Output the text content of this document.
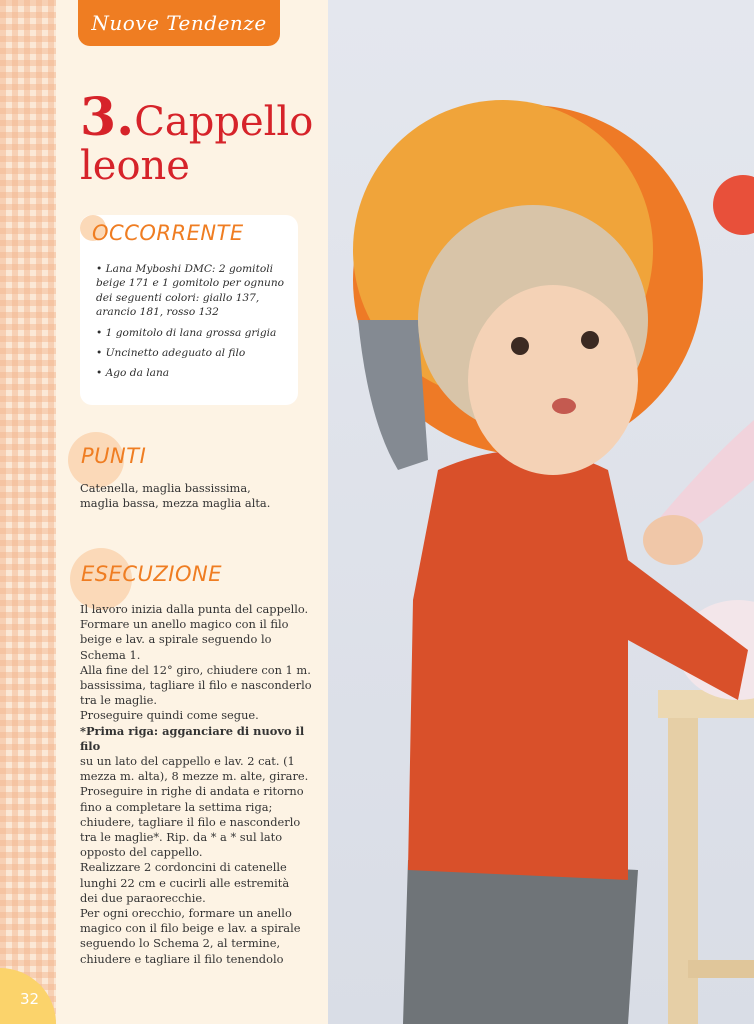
Nuove Tendenze
3.Cappello
leone
OCCORRENTE
• Lana Myboshi DMC: 2 gomitoli beige 171 e 1 gomitolo per ognuno dei seguenti colori: giallo 137, arancio 181, rosso 132
• 1 gomitolo di lana grossa grigia
• Uncinetto adeguato al filo
• Ago da lana
PUNTI
Catenella, maglia bassissima,
maglia bassa, mezza maglia alta.
ESECUZIONE
Il lavoro inizia dalla punta del cappello.
Formare un anello magico con il filo
beige e lav. a spirale seguendo lo
Schema 1.
Alla fine del 12° giro, chiudere con 1 m.
bassissima, tagliare il filo e nasconderlo
tra le maglie.
Proseguire quindi come segue.
*Prima riga: agganciare di nuovo il filo
su un lato del cappello e lav. 2 cat. (1
mezza m. alta), 8 mezze m. alte, girare.
Proseguire in righe di andata e ritorno
fino a completare la settima riga;
chiudere, tagliare il filo e nasconderlo
tra le maglie*. Rip. da * a * sul lato
opposto del cappello.
Realizzare 2 cordoncini di catenelle
lunghi 22 cm e cucirli alle estremità
dei due paraorecchie.
Per ogni orecchio, formare un anello
magico con il filo beige e lav. a spirale
seguendo lo Schema 2, al termine,
chiudere e tagliare il filo tenendolo
32
